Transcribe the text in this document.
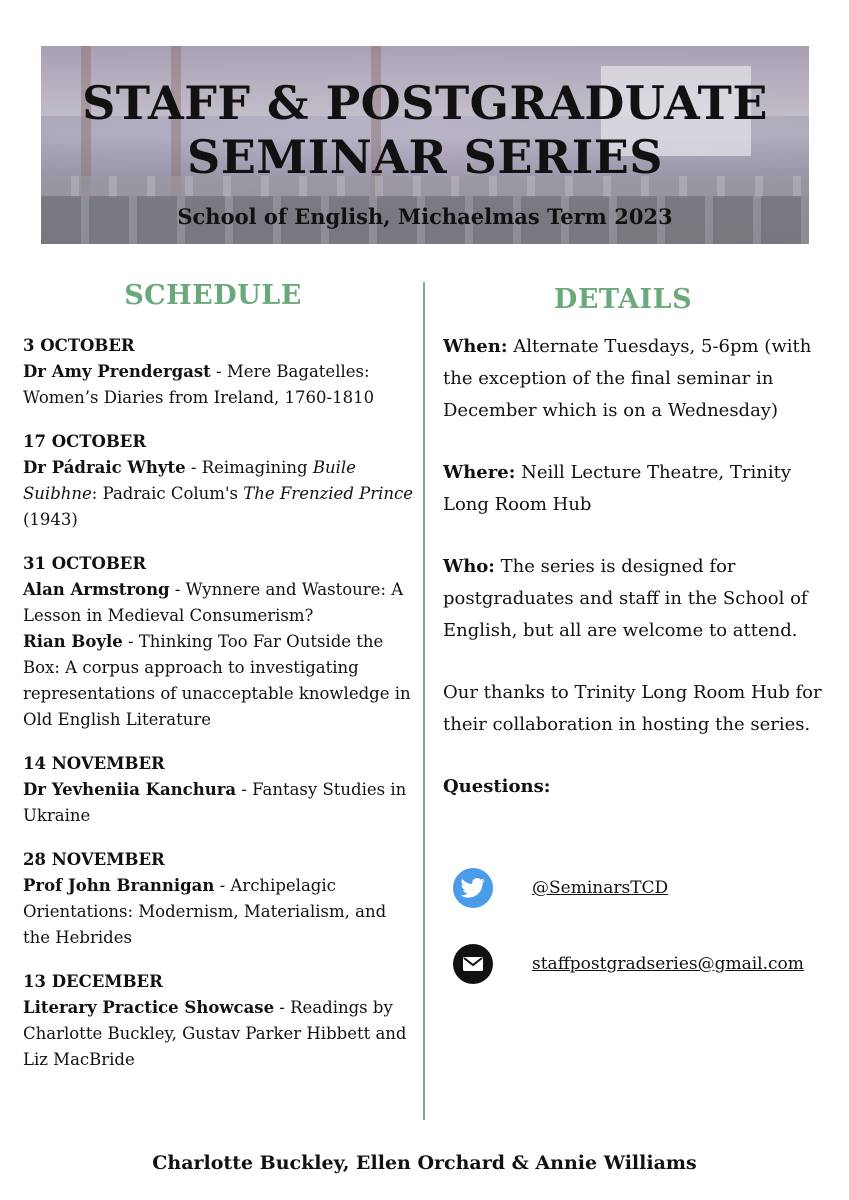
STAFF & POSTGRADUATE
SEMINAR SERIES
School of English, Michaelmas Term 2023
SCHEDULE	DETAILS
3 OCTOBER
Dr Amy Prendergast - Mere Bagatelles: Women’s Diaries from Ireland, 1760-1810
17 OCTOBER
Dr Pádraic Whyte - Reimagining Buile Suibhne: Padraic Colum's The Frenzied Prince (1943)
31 OCTOBER
Alan Armstrong - Wynnere and Wastoure: A Lesson in Medieval Consumerism?
Rian Boyle - Thinking Too Far Outside the Box: A corpus approach to investigating representations of unacceptable knowledge in Old English Literature
14 NOVEMBER
Dr Yevheniia Kanchura - Fantasy Studies in Ukraine
28 NOVEMBER
Prof John Brannigan - Archipelagic Orientations: Modernism, Materialism, and the Hebrides
13 DECEMBER
Literary Practice Showcase - Readings by Charlotte Buckley, Gustav Parker Hibbett and Liz MacBride

When: Alternate Tuesdays, 5-6pm (with the exception of the final seminar in December which is on a Wednesday)

Where: Neill Lecture Theatre, Trinity Long Room Hub

Who: The series is designed for postgraduates and staff in the School of English, but all are welcome to attend.

Our thanks to Trinity Long Room Hub for their collaboration in hosting the series.

Questions:

@SeminarsTCD
staffpostgradseries@gmail.com
Charlotte Buckley, Ellen Orchard & Annie Williams
